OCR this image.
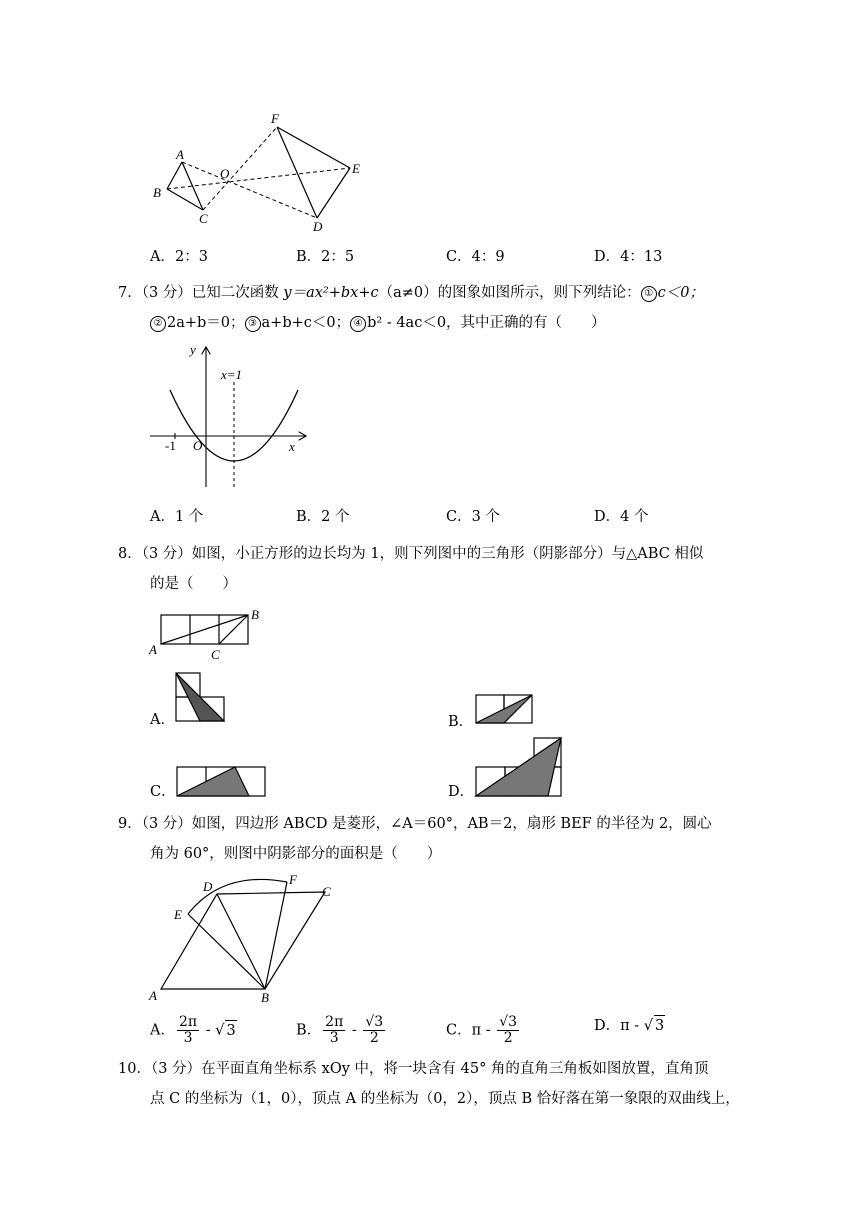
A
B
C
O
F
E
D
A．2：3	B．2：5	C．4：9	D．4：13
7．（3 分）已知二次函数 y＝ax²+bx+c（a≠0）的图象如图所示，则下列结论： ① c＜0；
② 2a+b＝0； ③ a+b+c＜0； ④ b² - 4ac＜0，其中正确的有（　　）
y
x
-1 O
x=1
A．1 个	B．2 个	C．3 个	D．4 个
8．（3 分）如图，小正方形的边长均为 1，则下列图中的三角形（阴影部分）与△ABC 相似
的是（　　）
A
B
C
A．	B．
C．	D．
9．（3 分）如图，四边形 ABCD 是菱形，∠A＝60°，AB＝2，扇形 BEF 的半径为 2，圆心
角为 60°，则图中阴影部分的面积是（　　）
D	F
C
E
A	B
A． $\frac{2\pi}{3}$ - √ 3	B． $\frac{2\pi}{3} - \frac{√3}{2}$	C．π - $\frac{√3}{2}$	D．π - √ 3
10．（3 分）在平面直角坐标系 xOy 中，将一块含有 45° 角的直角三角板如图放置，直角顶
点 C 的坐标为（1，0），顶点 A 的坐标为（0，2），顶点 B 恰好落在第一象限的双曲线上，
